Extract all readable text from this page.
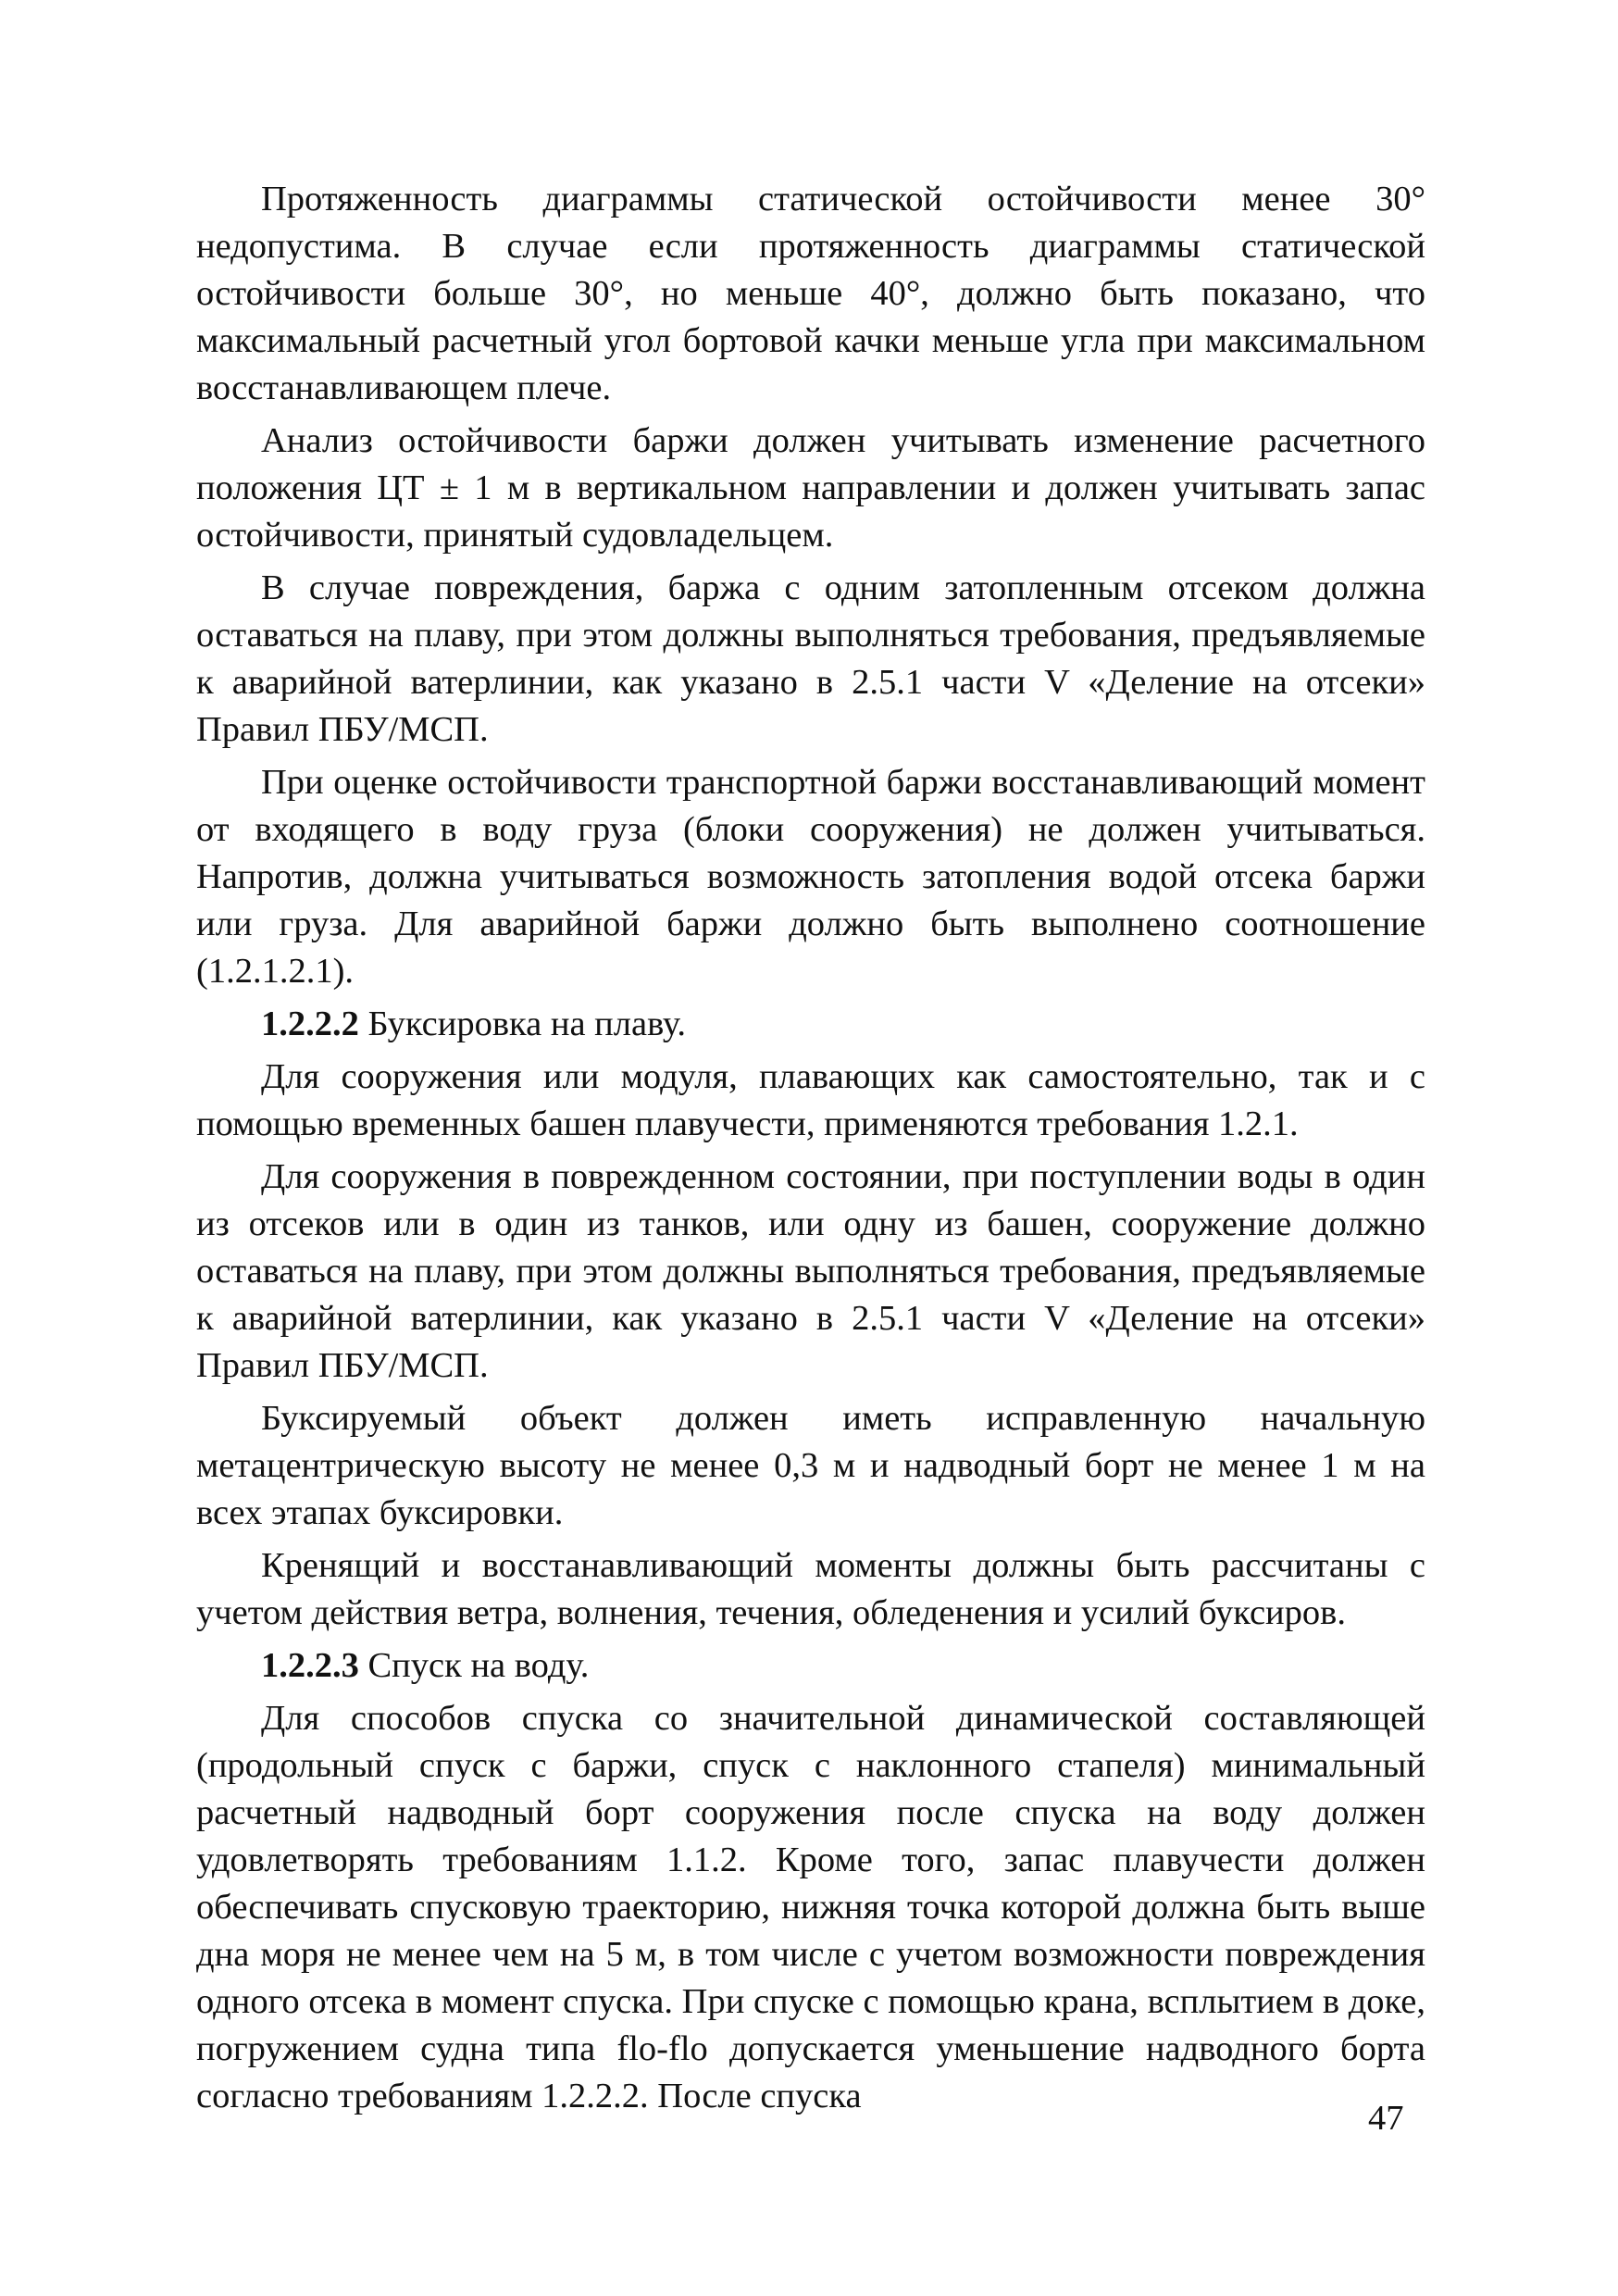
Протяженность диаграммы статической остойчивости менее 30° недопустима. В случае если протяженность диаграммы статической остойчивости больше 30°, но меньше 40°, должно быть показано, что максимальный расчетный угол бортовой качки меньше угла при максимальном восстанавливающем плече.

Анализ остойчивости баржи должен учитывать изменение расчетного положения ЦТ ± 1 м в вертикальном направлении и должен учитывать запас остойчивости, принятый судовладельцем.

В случае повреждения, баржа с одним затопленным отсеком должна оставаться на плаву, при этом должны выполняться требования, предъявляемые к аварийной ватерлинии, как указано в 2.5.1 части V «Деление на отсеки» Правил ПБУ/МСП.

При оценке остойчивости транспортной баржи восстанавливающий момент от входящего в воду груза (блоки сооружения) не должен учитываться. Напротив, должна учитываться возможность затопления водой отсека баржи или груза. Для аварийной баржи должно быть выполнено соотношение (1.2.1.2.1).

1.2.2.2 Буксировка на плаву.

Для сооружения или модуля, плавающих как самостоятельно, так и с помощью временных башен плавучести, применяются требования 1.2.1.

Для сооружения в поврежденном состоянии, при поступлении воды в один из отсеков или в один из танков, или одну из башен, сооружение должно оставаться на плаву, при этом должны выполняться требования, предъявляемые к аварийной ватерлинии, как указано в 2.5.1 части V «Деление на отсеки» Правил ПБУ/МСП.

Буксируемый объект должен иметь исправленную начальную метацентрическую высоту не менее 0,3 м и надводный борт не менее 1 м на всех этапах буксировки.

Кренящий и восстанавливающий моменты должны быть рассчитаны с учетом действия ветра, волнения, течения, обледенения и усилий буксиров.

1.2.2.3 Спуск на воду.

Для способов спуска со значительной динамической составляющей (продольный спуск с баржи, спуск с наклонного стапеля) минимальный расчетный надводный борт сооружения после спуска на воду должен удовлетворять требованиям 1.1.2. Кроме того, запас плавучести должен обеспечивать спусковую траекторию, нижняя точка которой должна быть выше дна моря не менее чем на 5 м, в том числе с учетом возможности повреждения одного отсека в момент спуска. При спуске с помощью крана, всплытием в доке, погружением судна типа flo-flo допускается уменьшение надводного борта согласно требованиям 1.2.2.2. После спуска

47
